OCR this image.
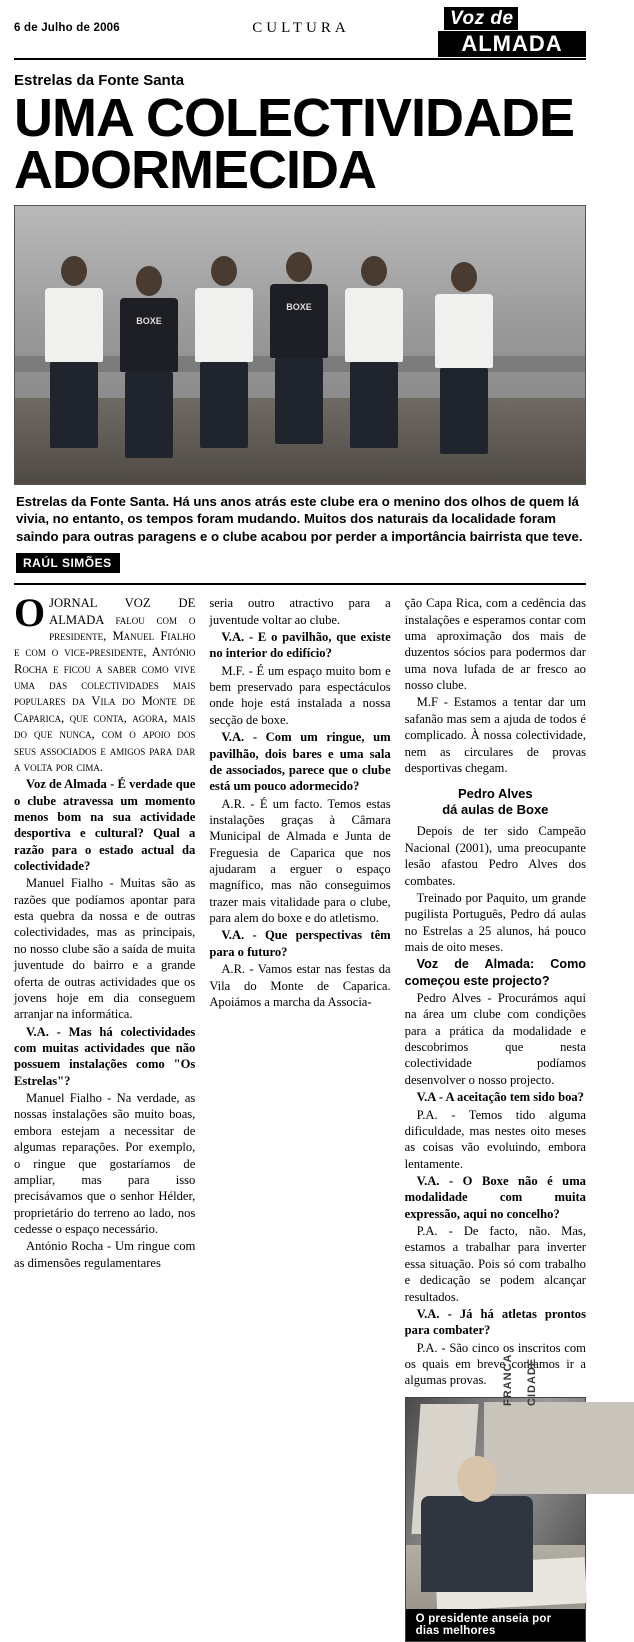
6 de Julho de 2006	CULTURA	Voz de	★
ALMADA
Estrelas da Fonte Santa
UMA COLECTIVIDADE
ADORMECIDA
BOXE
BOXE
Estrelas da Fonte Santa. Há uns anos atrás este clube era o menino dos olhos de quem lá vivia, no entanto, os tempos foram mudando. Muitos dos naturais da localidade foram saindo para outras paragens e o clube acabou por perder a importância bairrista que teve.
RAÚL SIMÕES

OJORNAL VOZ DE ALMADA falou com o presidente, Manuel Fialho e com o vice-presidente, António Rocha e ficou a saber como vive uma das colectividades mais populares da Vila do Monte de Caparica, que conta, agora, mais do que nunca, com o apoio dos seus associados e amigos para dar a volta por cima.

Voz de Almada - É verdade que o clube atravessa um momento menos bom na sua actividade desportiva e cultural? Qual a razão para o estado actual da colectividade?

Manuel Fialho - Muitas são as razões que podíamos apontar para esta quebra da nossa e de outras colectividades, mas as principais, no nosso clube são a saída de muita juventude do bairro e a grande oferta de outras actividades que os jovens hoje em dia conseguem arranjar na informática.

V.A. - Mas há colectividades com muitas actividades que não possuem instalações como "Os Estrelas"?

Manuel Fialho - Na verdade, as nossas instalações são muito boas, embora estejam a necessitar de algumas reparações. Por exemplo, o ringue que gostaríamos de ampliar, mas para isso precisávamos que o senhor Hélder, proprietário do terreno ao lado, nos cedesse o espaço necessário.

António Rocha - Um ringue com as dimensões regulamentares

seria outro atractivo para a juventude voltar ao clube.

V.A. - E o pavilhão, que existe no interior do edifício?

M.F. - É um espaço muito bom e bem preservado para espectáculos onde hoje está instalada a nossa secção de boxe.

V.A. - Com um ringue, um pavilhão, dois bares e uma sala de associados, parece que o clube está um pouco adormecido?

A.R. - É um facto. Temos estas instalações graças à Câmara Municipal de Almada e Junta de Freguesia de Caparica que nos ajudaram a erguer o espaço magnífico, mas não conseguimos trazer mais vitalidade para o clube, para alem do boxe e do atletismo.

V.A. - Que perspectivas têm para o futuro?

A.R. - Vamos estar nas festas da Vila do Monte de Caparica. Apoiámos a marcha da Associa-

ção Capa Rica, com a cedência das instalações e esperamos contar com uma aproximação dos mais de duzentos sócios para podermos dar uma nova lufada de ar fresco ao nosso clube.

M.F - Estamos a tentar dar um safanão mas sem a ajuda de todos é complicado. À nossa colectividade, nem as circulares de provas desportivas chegam.

Pedro Alves
dá aulas de Boxe

Depois de ter sido Campeão Nacional (2001), uma preocupante lesão afastou Pedro Alves dos combates.

Treinado por Paquito, um grande pugilista Português, Pedro dá aulas no Estrelas a 25 alunos, há pouco mais de oito meses.

Voz de Almada: Como começou este projecto?

Pedro Alves - Procurámos aqui na área um clube com condições para a prática da modalidade e descobrimos que nesta colectividade podíamos desenvolver o nosso projecto.

V.A - A aceitação tem sido boa?

P.A. - Temos tido alguma dificuldade, mas nestes oito meses as coisas vão evoluindo, embora lentamente.

V.A. - O Boxe não é uma modalidade com muita expressão, aqui no concelho?

P.A. - De facto, não. Mas, estamos a trabalhar para inverter essa situação. Pois só com trabalho e dedicação se podem alcançar resultados.

V.A. - Já há atletas prontos para combater?

P.A. - São cinco os inscritos com os quais em breve contamos ir a algumas provas.	CIDADE
FRANCA
O presidente anseia por dias melhores
